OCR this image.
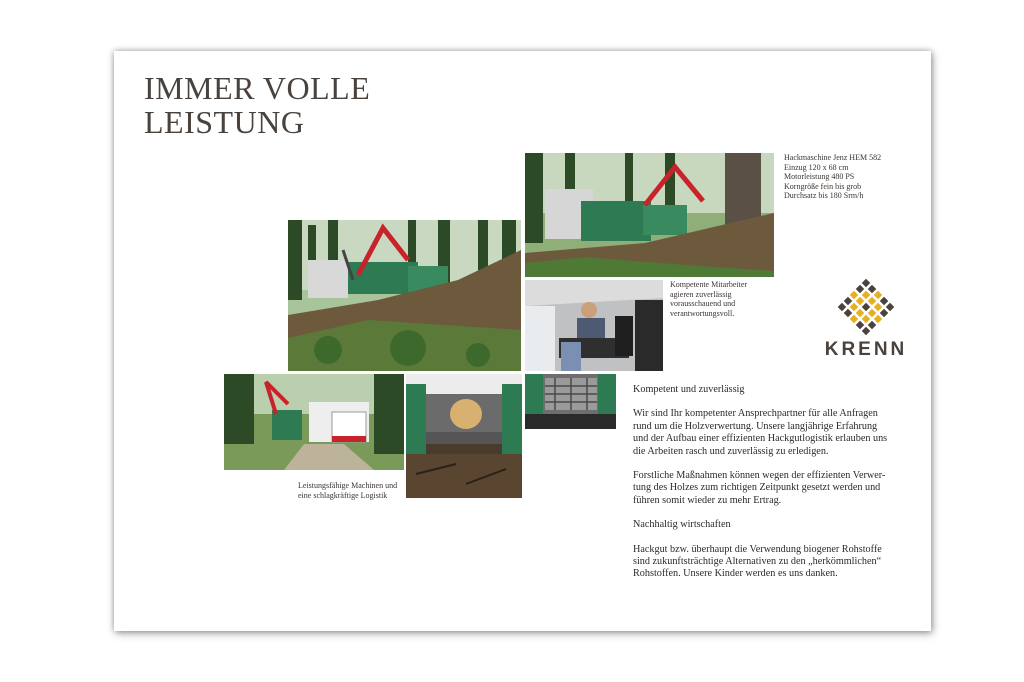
IMMER VOLLE
LEISTUNG
Hackmaschine Jenz HEM 582
Einzug 120 x 68 cm
Motorleistung 480 PS
Korngröße fein bis grob
Durchsatz bis 180 Srm/h
Kompetente Mitarbeiter
agieren zuverlässig
vorausschauend und
verantwortungsvoll.
Leistungsfähige Machinen und
eine schlagkräftige Logistik
KRENN
Kompetent und zuverlässig
Wir sind Ihr kompetenter Ansprechpartner für alle Anfragen
rund um die Holzverwertung. Unsere langjährige Erfahrung
und der Aufbau einer effizienten Hackgutlogistik erlauben uns
die Arbeiten rasch und zuverlässig zu erledigen.
Forstliche Maßnahmen können wegen der effizienten Verwer-
tung des Holzes zum richtigen Zeitpunkt gesetzt werden und
führen somit wieder zu mehr Ertrag.
Nachhaltig wirtschaften
Hackgut bzw. überhaupt die Verwendung biogener Rohstoffe
sind zukunftsträchtige Alternativen zu den „herkömmlichen“
Rohstoffen. Unsere Kinder werden es uns danken.
